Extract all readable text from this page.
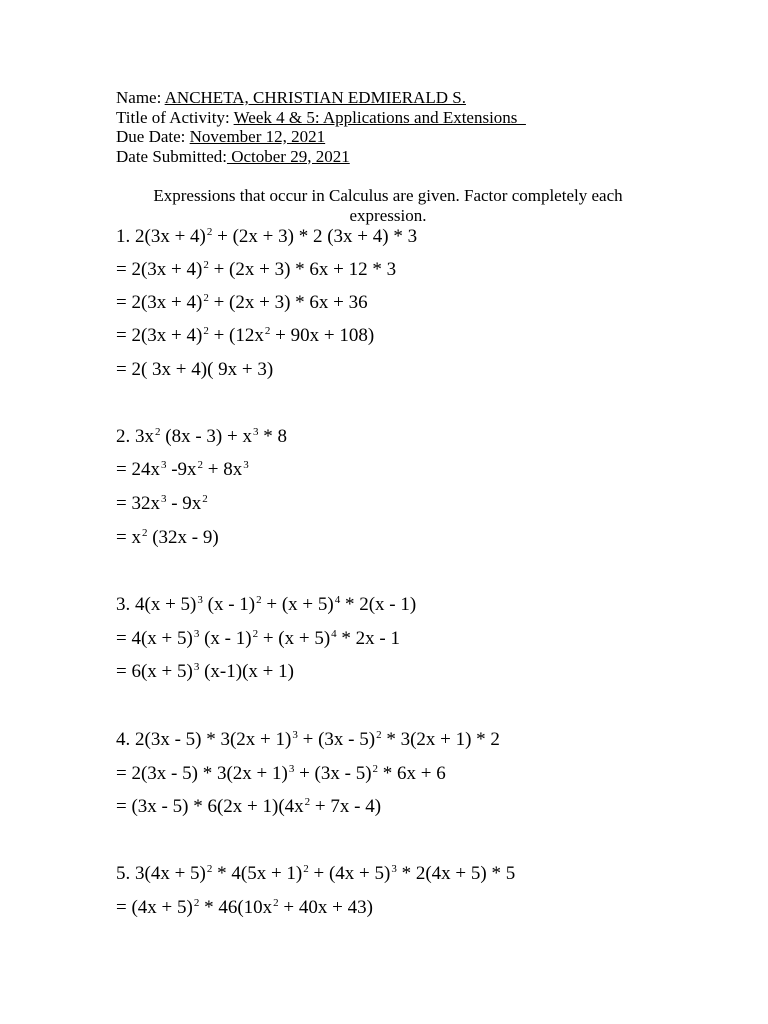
Name: ANCHETA, CHRISTIAN EDMIERALD S.
Title of Activity: Week 4 & 5: Applications and Extensions
Due Date: November 12, 2021
Date Submitted: October 29, 2021
Expressions that occur in Calculus are given. Factor completely each expression.
1. $2(3x + 4)^2 + (2x + 3) * 2$ (3x + 4) * 3
= $2(3x + 4)^2 + (2x + 3) * 6x + 12 * 3$
= $2(3x + 4)^2 + (2x + 3) * 6x + 36$
= $2(3x + 4)^2 + (12x^2 + 90x + 108)$
= 2( 3x + 4)( 9x + 3)
2. $3x^2$ $(8x - 3) + x^3 * 8$
= $24x^3$ $-9x^2 + 8x^3$
= $32x^3 - 9x^2$
= $x^2$ (32x - 9)
3. $4(x + 5)^3$ $(x - 1)^2 + (x + 5)^4 * 2(x - 1)$
= $4(x + 5)^3$ $(x - 1)^2 + (x + 5)^4 * 2x - 1$
= $6(x + 5)^3$ (x-1)(x + 1)
4. $2(3x - 5) * 3(2x + 1)^3 + (3x - 5)^2 * 3(2x + 1) * 2$
= $2(3x - 5) * 3(2x + 1)^3 + (3x - 5)^2 * 6x + 6$
= $(3x - 5) * 6(2x + 1)(4x^2 + 7x - 4)$
5. $3(4x + 5)^2 * 4(5x + 1)^2 + (4x + 5)^3 * 2(4x + 5) * 5$
= $(4x + 5)^2 * 46(10x^2 + 40x + 43)$
